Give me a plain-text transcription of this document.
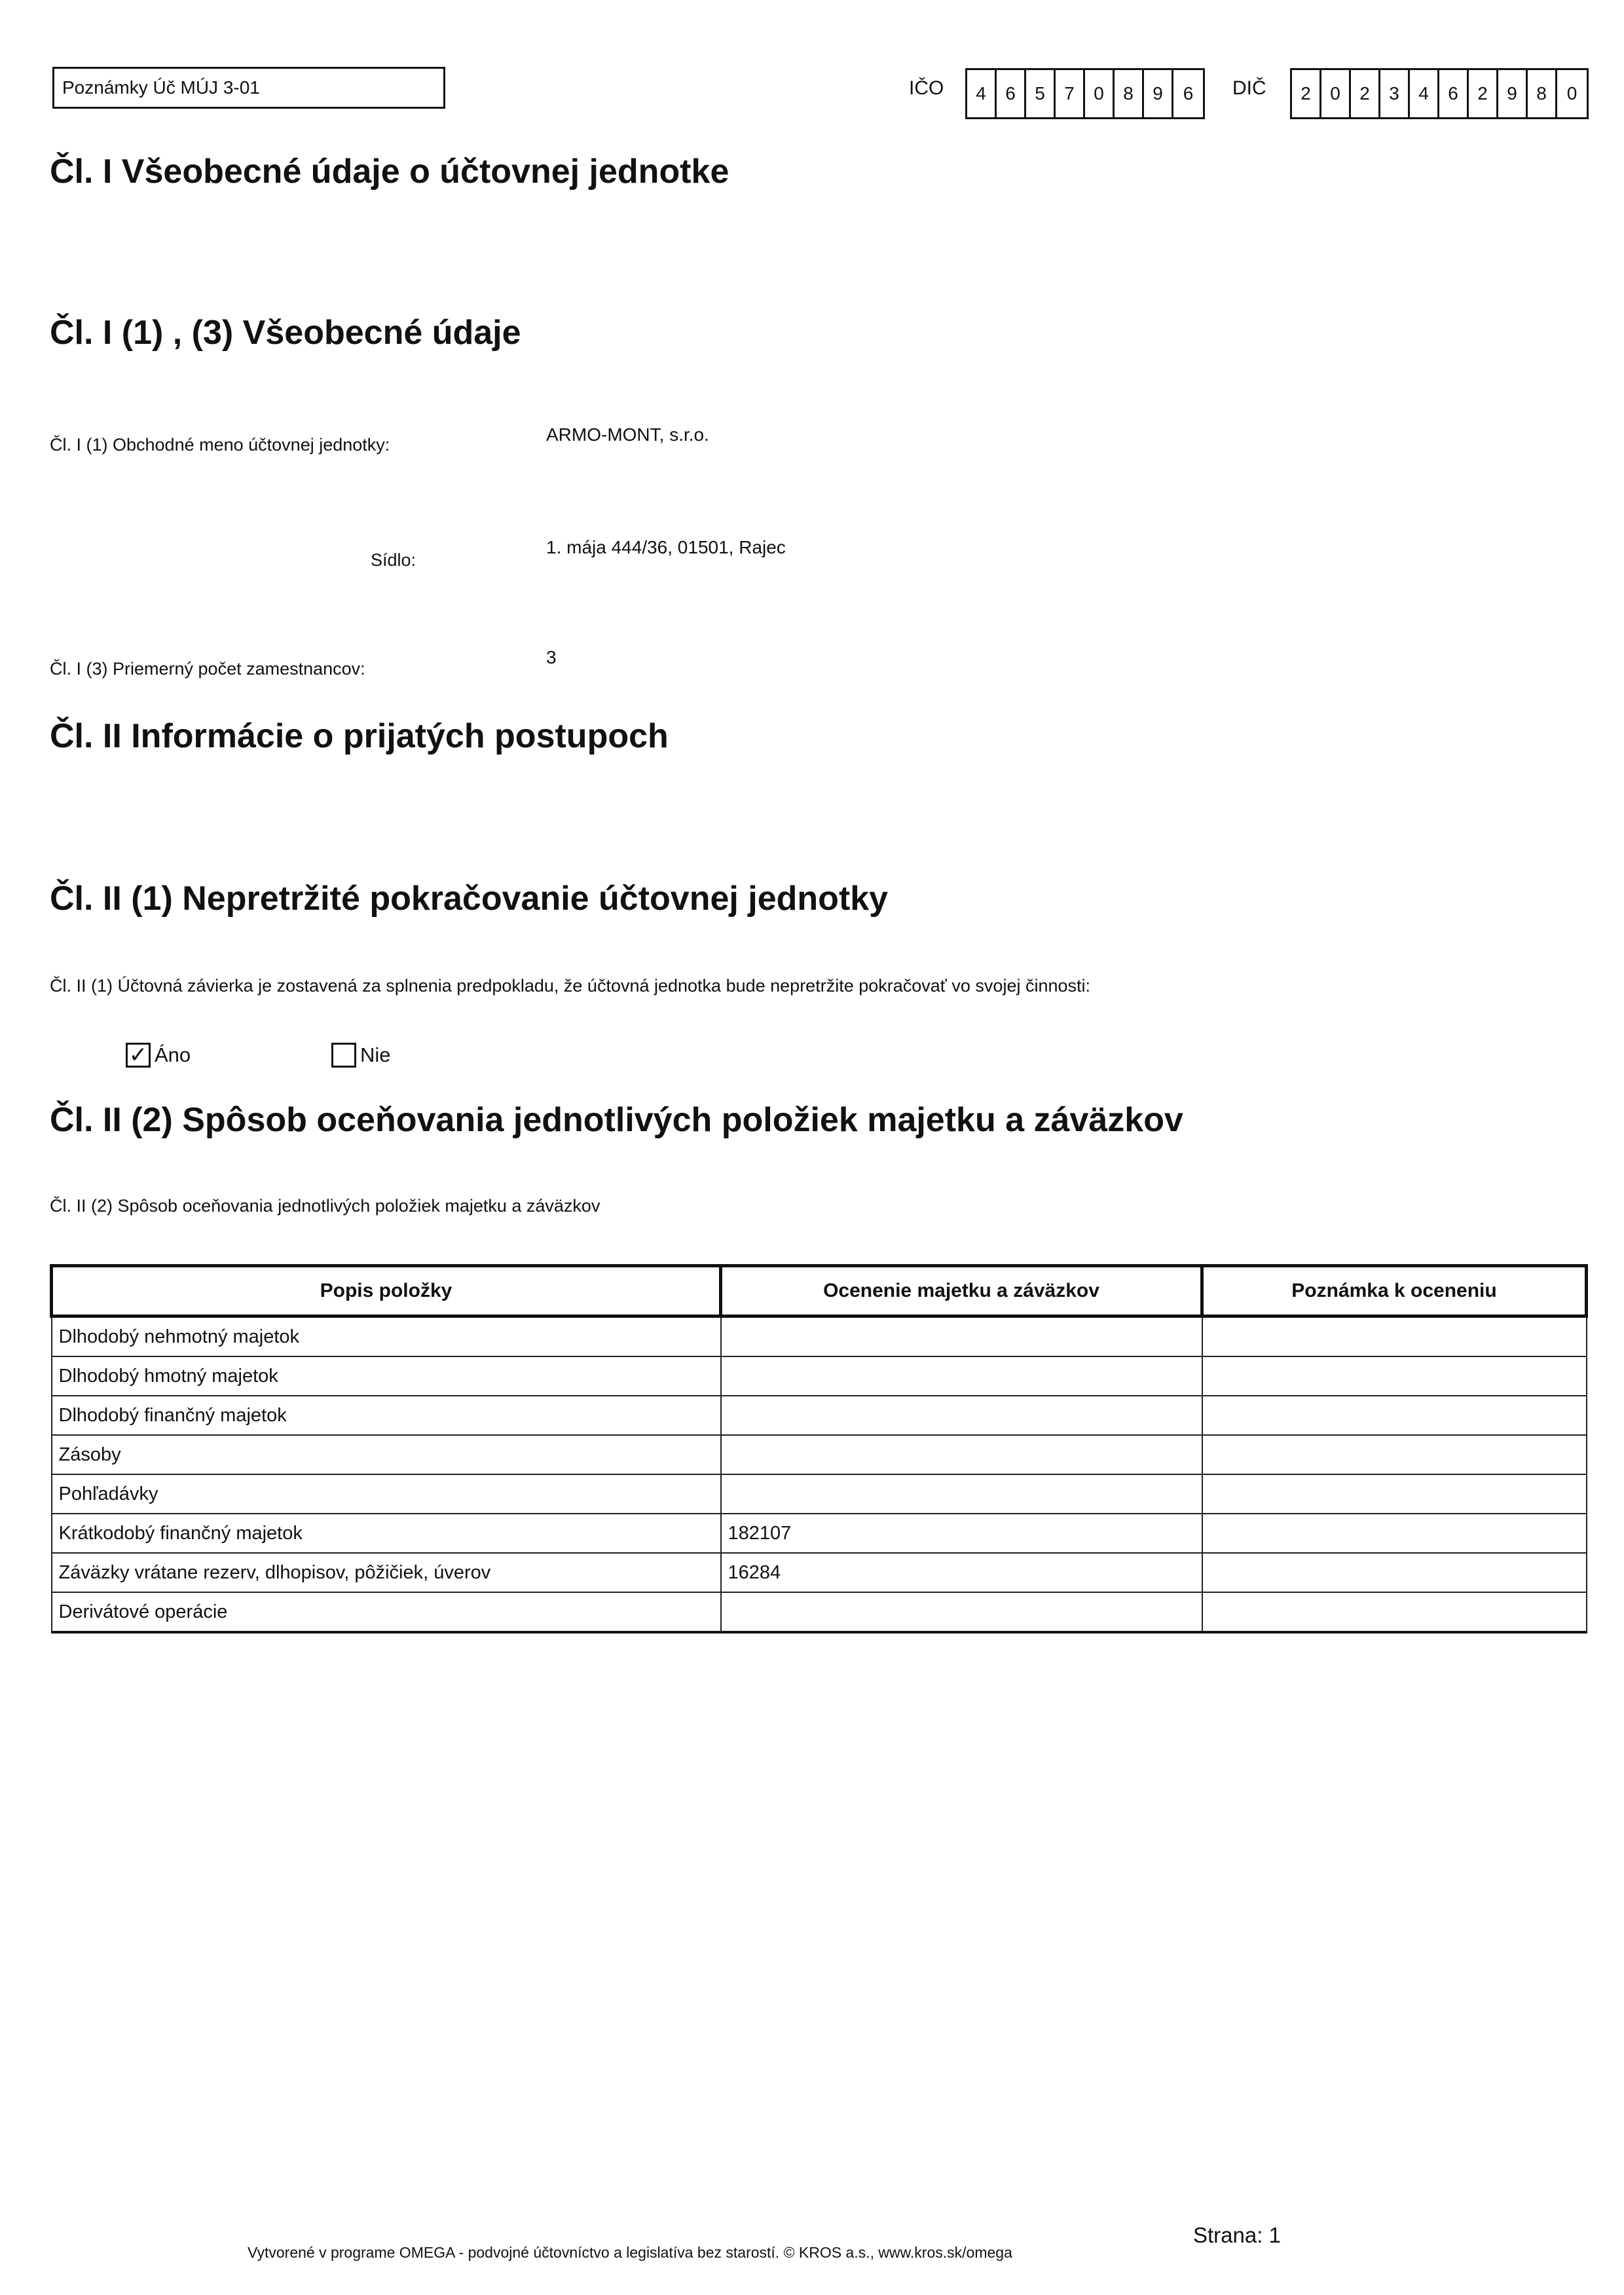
Poznámky Úč MÚJ 3-01	IČO	4	6	5	7	0	8	9	6	DIČ	2	0	2	3	4	6	2	9	8	0
Čl. I Všeobecné údaje o účtovnej jednotke
Čl. I (1) , (3) Všeobecné údaje
Čl. I (1) Obchodné meno účtovnej jednotky:	ARMO-MONT, s.r.o.
Sídlo:
1. mája 444/36, 01501, Rajec
Čl. I (3) Priemerný počet zamestnancov:
3
Čl. II Informácie o prijatých postupoch
Čl. II (1) Nepretržité pokračovanie účtovnej jednotky
Čl. II (1) Účtovná závierka je zostavená za splnenia predpokladu, že účtovná jednotka bude nepretržite pokračovať vo svojej činnosti:
✓ Áno	Nie
Čl. II (2) Spôsob oceňovania jednotlivých položiek majetku a záväzkov
Čl. II (2) Spôsob oceňovania jednotlivých položiek majetku a záväzkov
Popis položky	Ocenenie majetku a záväzkov	Poznámka k oceneniu
Dlhodobý nehmotný majetok		
Dlhodobý hmotný majetok		
Dlhodobý finančný majetok		
Zásoby		
Pohľadávky		
Krátkodobý finančný majetok	182107	
Záväzky vrátane rezerv, dlhopisov, pôžičiek, úverov	16284	
Derivátové operácie		
Vytvorené v programe OMEGA - podvojné účtovníctvo a legislatíva bez starostí. © KROS a.s., www.kros.sk/omega
Strana: 1
